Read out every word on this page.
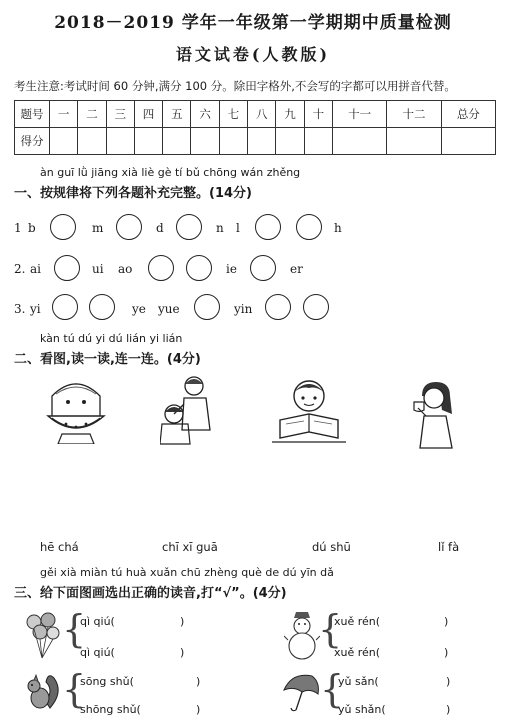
2018－2019 学年一年级第一学期期中质量检测
语文试卷(人教版)
考生注意:考试时间 60 分钟,满分 100 分。除田字格外,不会写的字都可以用拼音代替。
题号	一	二	三	四	五	六	七	八	九	十	十一	十二	总分
得分													
àn guī lǜ jiāng xià liè gè tí bǔ chōng wán zhěng
一、按规律将下列各题补充完整。(14分)
1 b	m	d	n l	h
2. ai	ui ao	ie	er
3. yi	ye yue	yin
kàn tú dú yi dú lián yi lián
二、看图,读一读,连一连。(4分)
hē chá	chī xī guā	dú shū	lǐ fà
gěi xià miàn tú huà xuǎn chū zhèng què de dú yīn dǎ
三、给下面图画选出正确的读音,打“√”。(4分)
{
qì qiú(	)
qì qiú(	)
{
xuě rén(	)
xuě rén(	)
{
sōng shǔ(	)
shōng shǔ(	)	{
yǔ sǎn(	)
yǔ shǎn(	)
